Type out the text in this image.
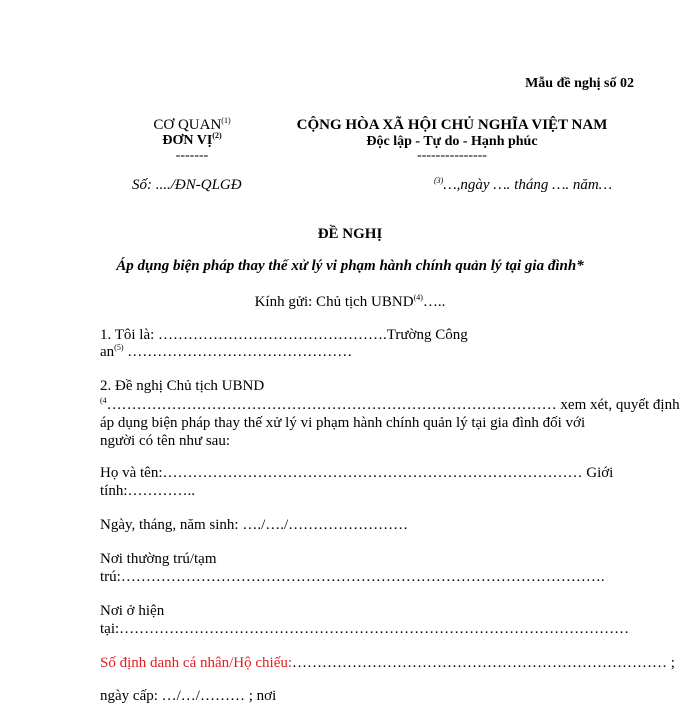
Mẫu đề nghị số 02
CƠ QUAN$^{(1)}$
ĐƠN VỊ$^{(2)}$
-------
Số: ..../ĐN-QLGĐ
CỘNG HÒA XÃ HỘI CHỦ NGHĨA VIỆT NAM
Độc lập - Tự do - Hạnh phúc
---------------
$^{(3)}$…,ngày …. tháng …. năm…
ĐỀ NGHỊ
Áp dụng biện pháp thay thế xử lý vi phạm hành chính quản lý tại gia đình*
Kính gửi: Chủ tịch UBND$^{(4)}$…..
1. Tôi là: ……………………………………….Trường Công
$an^{(5)}$ ………………………………………
2. Đề nghị Chủ tịch UBND
$^{(4}$……………………………………………………………………………… xem xét, quyết định
áp dụng biện pháp thay thế xử lý vi phạm hành chính quản lý tại gia đình đối với
người có tên như sau:
Họ và tên:………………………………………………………………………… Giới
tính:…………..
Ngày, tháng, năm sinh: …./…./……………………
Nơi thường trú/tạm
trú:…………………………………………………………………………………….
Nơi ở hiện
tại:…………………………………………………………………………………………
Số định danh cá nhân/Hộ chiếu:………………………………………………………………… ;
ngày cấp: …/…/……… ; nơi
